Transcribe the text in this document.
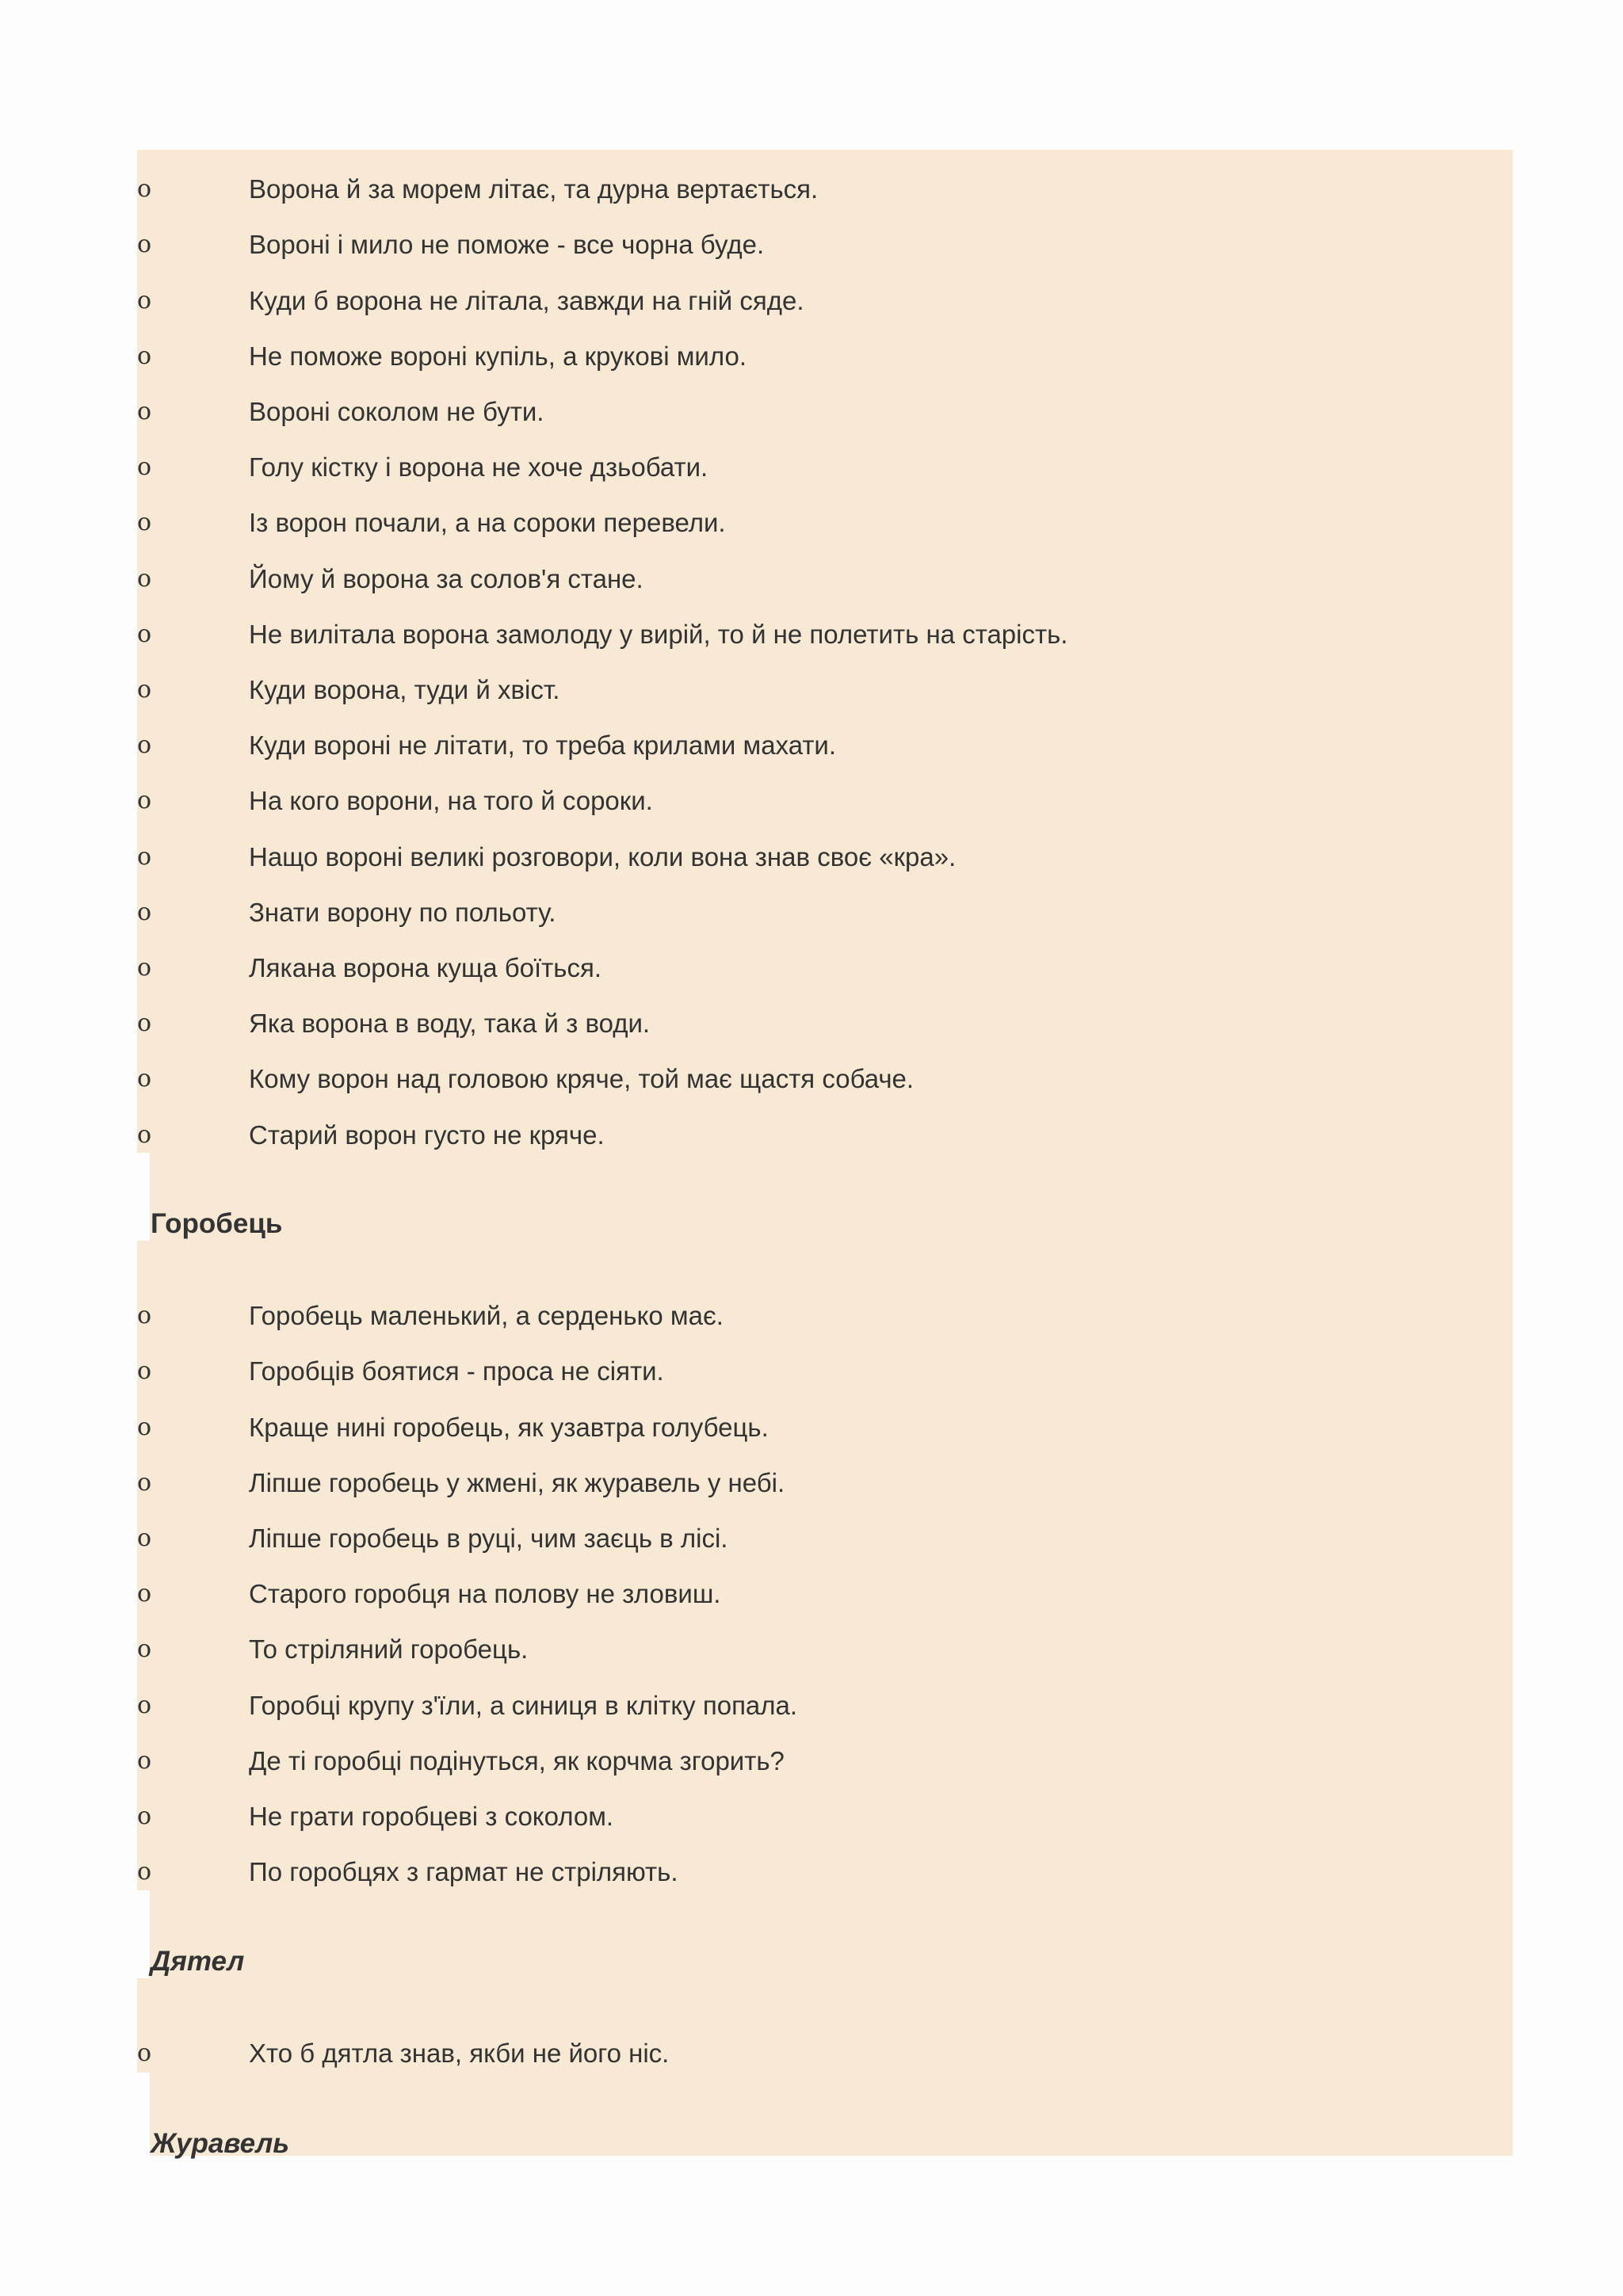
o	Ворона й за морем літає, та дурна вертається.
o	Вороні і мило не поможе - все чорна буде.
o	Куди б ворона не літала, завжди на гній сяде.
o	Не поможе вороні купіль, а крукові мило.
o	Вороні соколом не бути.
o	Голу кістку і ворона не хоче дзьобати.
o	Із ворон почали, а на сороки перевели.
o	Йому й ворона за солов'я стане.
o	Не вилітала ворона замолоду у вирій, то й не полетить на старість.
o	Куди ворона, туди й хвіст.
o	Куди вороні не літати, то треба крилами махати.
o	На кого ворони, на того й сороки.
o	Нащо вороні великі розговори, коли вона знав своє «кра».
o	Знати ворону по польоту.
o	Лякана ворона куща боїться.
o	Яка ворона в воду, така й з води.
o	Кому ворон над головою кряче, той має щастя собаче.
o	Старий ворон густо не кряче.
Горобець
o	Горобець маленький, а серденько має.
o	Горобців боятися - проса не сіяти.
o	Краще нині горобець, як узавтра голубець.
o	Ліпше горобець у жмені, як журавель у небі.
o	Ліпше горобець в руці, чим заєць в лісі.
o	Старого горобця на полову не зловиш.
o	То стріляний горобець.
o	Горобці крупу з'їли, а синиця в клітку попала.
o	Де ті горобці подінуться, як корчма згорить?
o	Не грати горобцеві з соколом.
o	По горобцях з гармат не стріляють.
Дятел
o	Хто б дятла знав, якби не його ніс.
Журавель
